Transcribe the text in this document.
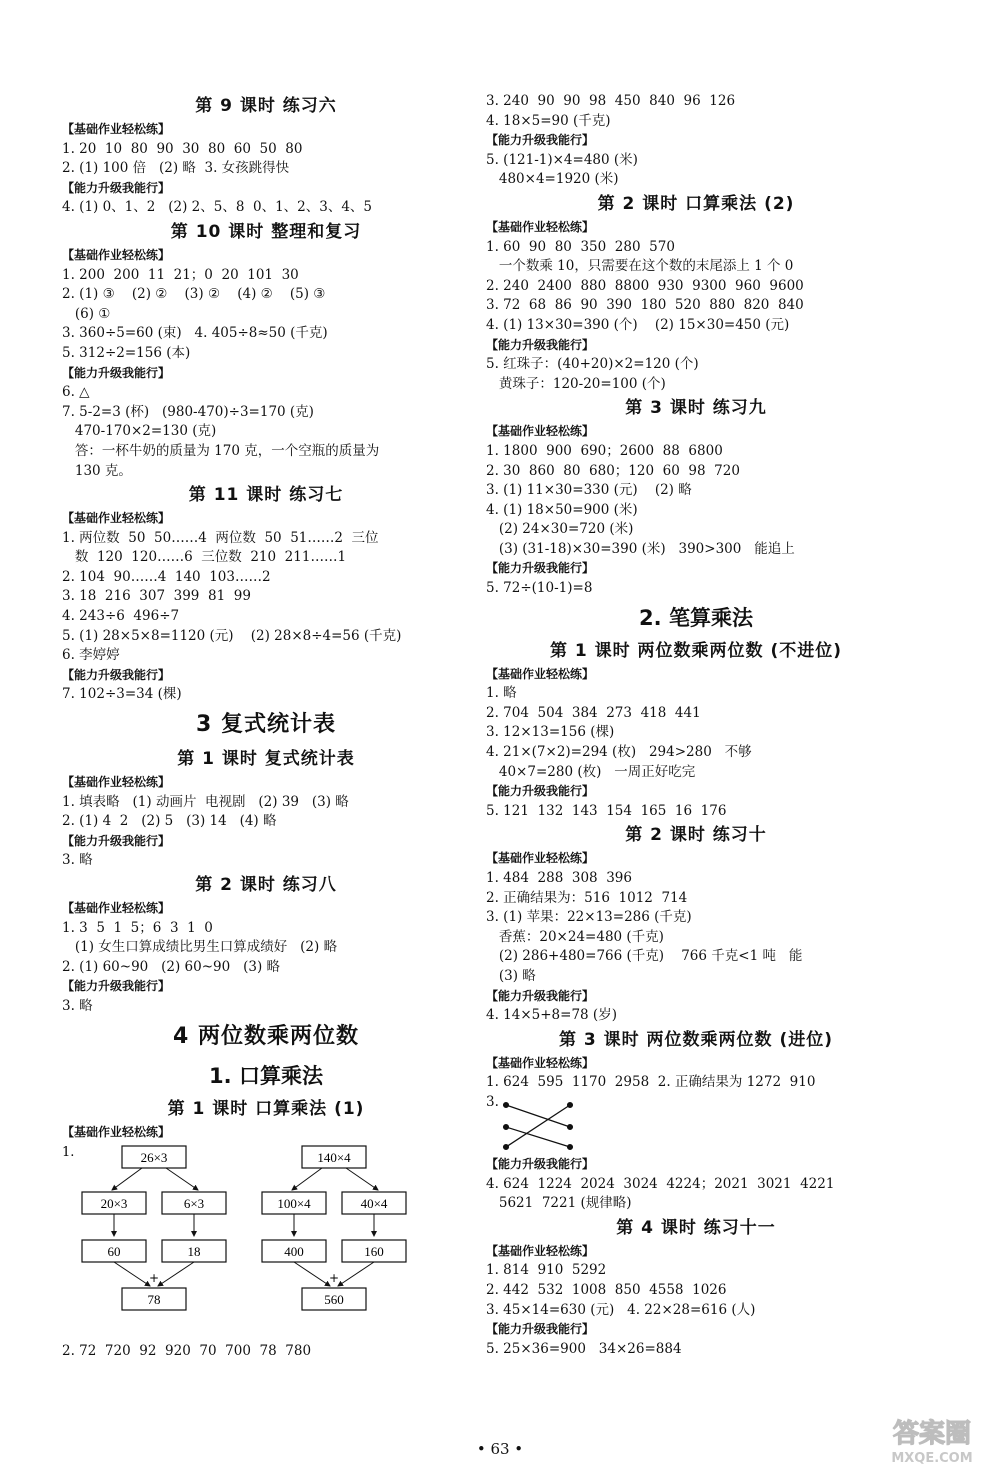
第 9 课时 练习六
【基础作业轻松练】
1. 20  10  80  90  30  80  60  50  80
2. (1) 100 倍   (2) 略  3. 女孩跳得快
【能力升级我能行】
4. (1) 0、1、2   (2) 2、5、8  0、1、2、3、4、5
第 10 课时 整理和复习
【基础作业轻松练】
1. 200  200  11  21；0  20  101  30
2. (1) ③    (2) ②    (3) ②    (4) ②    (5) ③
(6) ①
3. 360÷5=60 (束)   4. 405÷8≈50 (千克)
5. 312÷2=156 (本)
【能力升级我能行】
6. △
7. 5-2=3 (杯)   (980-470)÷3=170 (克)
470-170×2=130 (克)
答：一杯牛奶的质量为 170 克，一个空瓶的质量为
130 克。
第 11 课时 练习七
【基础作业轻松练】
1. 两位数  50  50……4  两位数  50  51……2  三位
数  120  120……6  三位数  210  211……1
2. 104  90……4  140  103……2
3. 18  216  307  399  81  99
4. 243÷6  496÷7
5. (1) 28×5×8=1120 (元)    (2) 28×8÷4=56 (千克)
6. 李婷婷
【能力升级我能行】
7. 102÷3=34 (棵)
3 复式统计表
第 1 课时 复式统计表
【基础作业轻松练】
1. 填表略   (1) 动画片  电视剧   (2) 39   (3) 略
2. (1) 4  2   (2) 5   (3) 14   (4) 略
【能力升级我能行】
3. 略
第 2 课时 练习八
【基础作业轻松练】
1. 3  5  1  5；6  3  1  0
(1) 女生口算成绩比男生口算成绩好   (2) 略
2. (1) 60~90   (2) 60~90   (3) 略
【能力升级我能行】
3. 略
4 两位数乘两位数
1. 口算乘法
第 1 课时 口算乘法 (1)
【基础作业轻松练】
1.	26×3
20×3	6×3
60	18
+
78
140×4
100×4	40×4
400	160
+
560
2. 72  720  92  920  70  700  78  780
3. 240  90  90  98  450  840  96  126
4. 18×5=90 (千克)
【能力升级我能行】
5. (121-1)×4=480 (米)
480×4=1920 (米)
第 2 课时 口算乘法 (2)
【基础作业轻松练】
1. 60  90  80  350  280  570
一个数乘 10，只需要在这个数的末尾添上 1 个 0
2. 240  2400  880  8800  930  9300  960  9600
3. 72  68  86  90  390  180  520  880  820  840
4. (1) 13×30=390 (个)    (2) 15×30=450 (元)
【能力升级我能行】
5. 红珠子：(40+20)×2=120 (个)
黄珠子：120-20=100 (个)
第 3 课时 练习九
【基础作业轻松练】
1. 1800  900  690；2600  88  6800
2. 30  860  80  680；120  60  98  720
3. (1) 11×30=330 (元)    (2) 略
4. (1) 18×50=900 (米)
(2) 24×30=720 (米)
(3) (31-18)×30=390 (米)   390>300   能追上
【能力升级我能行】
5. 72÷(10-1)=8
2. 笔算乘法
第 1 课时 两位数乘两位数 (不进位)
【基础作业轻松练】
1. 略
2. 704  504  384  273  418  441
3. 12×13=156 (棵)
4. 21×(7×2)=294 (枚)   294>280   不够
40×7=280 (枚)   一周正好吃完
【能力升级我能行】
5. 121  132  143  154  165  16  176
第 2 课时 练习十
【基础作业轻松练】
1. 484  288  308  396
2. 正确结果为：516  1012  714
3. (1) 苹果：22×13=286 (千克)
香蕉：20×24=480 (千克)
(2) 286+480=766 (千克)    766 千克<1 吨   能
(3) 略
【能力升级我能行】
4. 14×5+8=78 (岁)
第 3 课时 两位数乘两位数 (进位)
【基础作业轻松练】
1. 624  595  1170  2958  2. 正确结果为 1272  910
3.
【能力升级我能行】
4. 624  1224  2024  3024  4224；2021  3021  4221
5621  7221 (规律略)
第 4 课时 练习十一
【基础作业轻松练】
1. 814  910  5292
2. 442  532  1008  850  4558  1026
3. 45×14=630 (元)   4. 22×28=616 (人)
【能力升级我能行】
5. 25×36=900   34×26=884
• 63 •	答案圈
MXQE.COM
